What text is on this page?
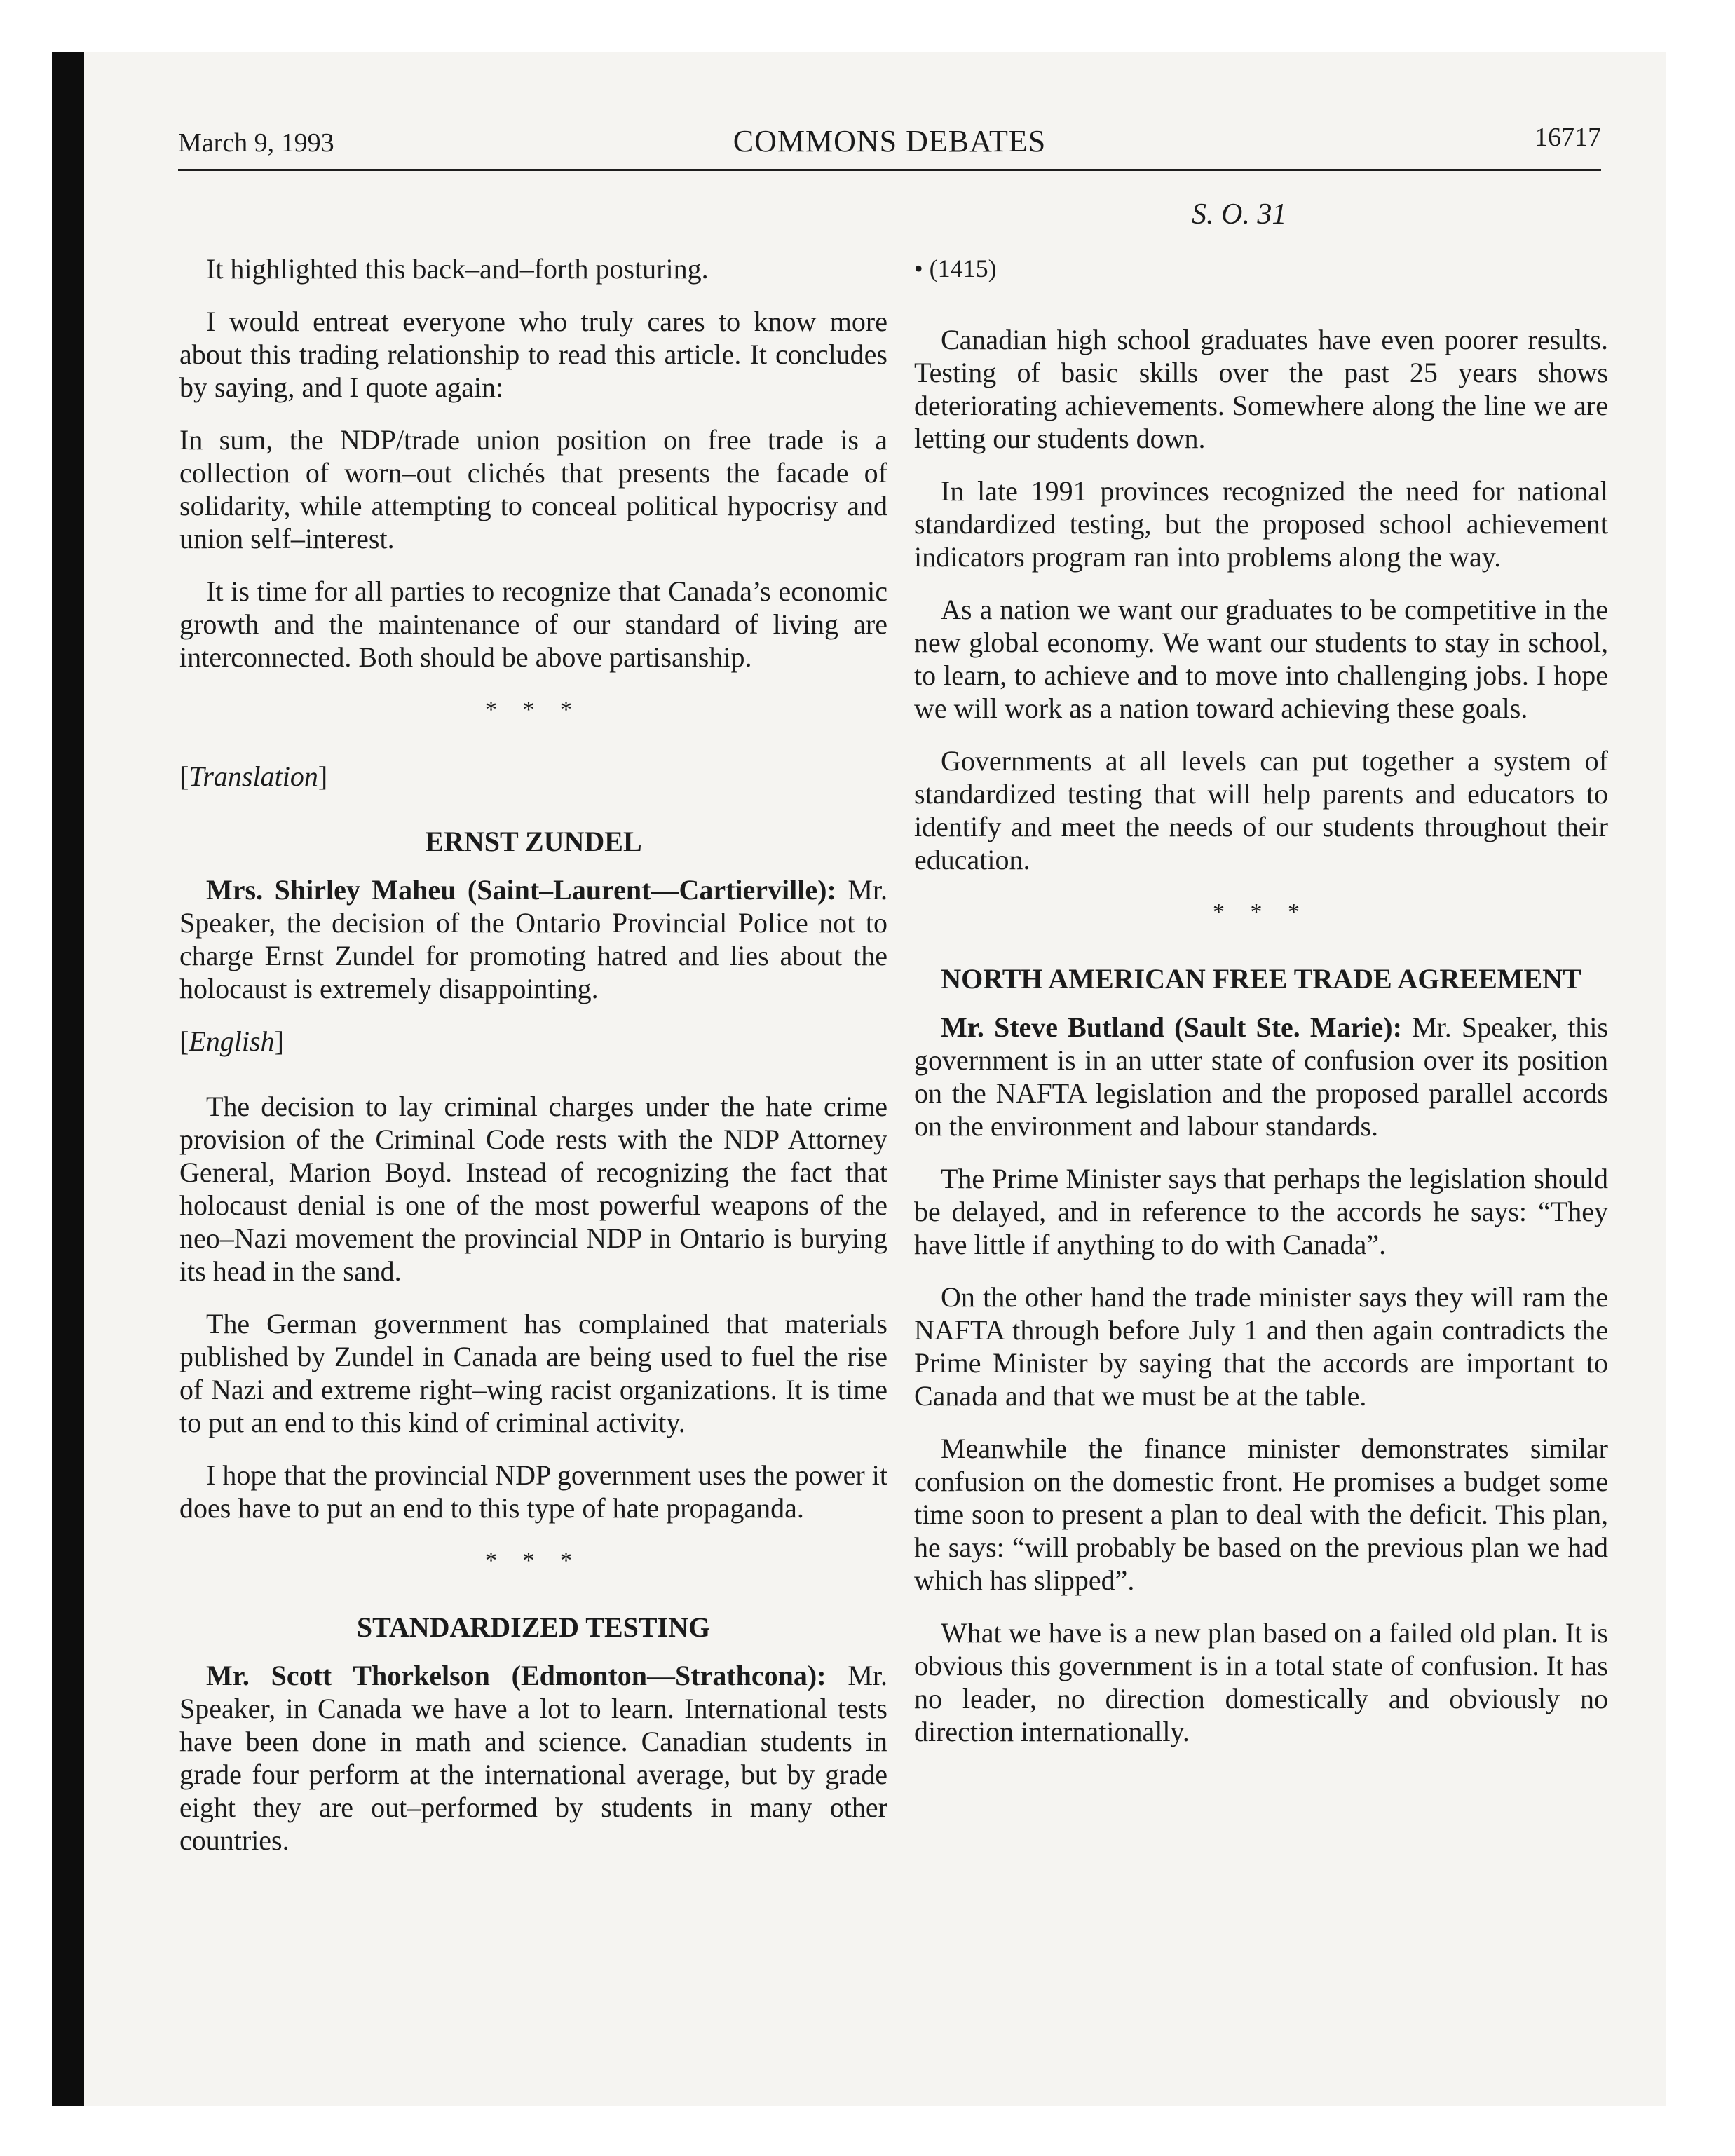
March 9, 1993	COMMONS DEBATES	16717
S. O. 31

It highlighted this back–and–forth posturing.

I would entreat everyone who truly cares to know more about this trading relationship to read this article. It concludes by saying, and I quote again:

In sum, the NDP/trade union position on free trade is a collection of worn–out clichés that presents the facade of solidarity, while attempting to conceal political hypocrisy and union self–interest.

It is time for all parties to recognize that Canada’s economic growth and the maintenance of our standard of living are interconnected. Both should be above partisanship.

* * *
[Translation]
ERNST ZUNDEL

Mrs. Shirley Maheu (Saint–Laurent—Cartierville): Mr. Speaker, the decision of the Ontario Provincial Police not to charge Ernst Zundel for promoting hatred and lies about the holocaust is extremely disappointing.

[English]

The decision to lay criminal charges under the hate crime provision of the Criminal Code rests with the NDP Attorney General, Marion Boyd. Instead of recognizing the fact that holocaust denial is one of the most powerful weapons of the neo–Nazi movement the provincial NDP in Ontario is burying its head in the sand.

The German government has complained that materials published by Zundel in Canada are being used to fuel the rise of Nazi and extreme right–wing racist organizations. It is time to put an end to this kind of criminal activity.

I hope that the provincial NDP government uses the power it does have to put an end to this type of hate propaganda.

* * *
STANDARDIZED TESTING

Mr. Scott Thorkelson (Edmonton—Strathcona): Mr. Speaker, in Canada we have a lot to learn. International tests have been done in math and science. Canadian students in grade four perform at the international average, but by grade eight they are out–performed by students in many other countries.

• (1415)

Canadian high school graduates have even poorer results. Testing of basic skills over the past 25 years shows deteriorating achievements. Somewhere along the line we are letting our students down.

In late 1991 provinces recognized the need for national standardized testing, but the proposed school achievement indicators program ran into problems along the way.

As a nation we want our graduates to be competitive in the new global economy. We want our students to stay in school, to learn, to achieve and to move into challenging jobs. I hope we will work as a nation toward achieving these goals.

Governments at all levels can put together a system of standardized testing that will help parents and educators to identify and meet the needs of our students throughout their education.

* * *
NORTH AMERICAN FREE TRADE AGREEMENT

Mr. Steve Butland (Sault Ste. Marie): Mr. Speaker, this government is in an utter state of confusion over its position on the NAFTA legislation and the proposed parallel accords on the environment and labour standards.

The Prime Minister says that perhaps the legislation should be delayed, and in reference to the accords he says: “They have little if anything to do with Canada”.

On the other hand the trade minister says they will ram the NAFTA through before July 1 and then again contradicts the Prime Minister by saying that the accords are important to Canada and that we must be at the table.

Meanwhile the finance minister demonstrates similar confusion on the domestic front. He promises a budget some time soon to present a plan to deal with the deficit. This plan, he says: “will probably be based on the previous plan we had which has slipped”.

What we have is a new plan based on a failed old plan. It is obvious this government is in a total state of confusion. It has no leader, no direction domestically and obviously no direction internationally.
